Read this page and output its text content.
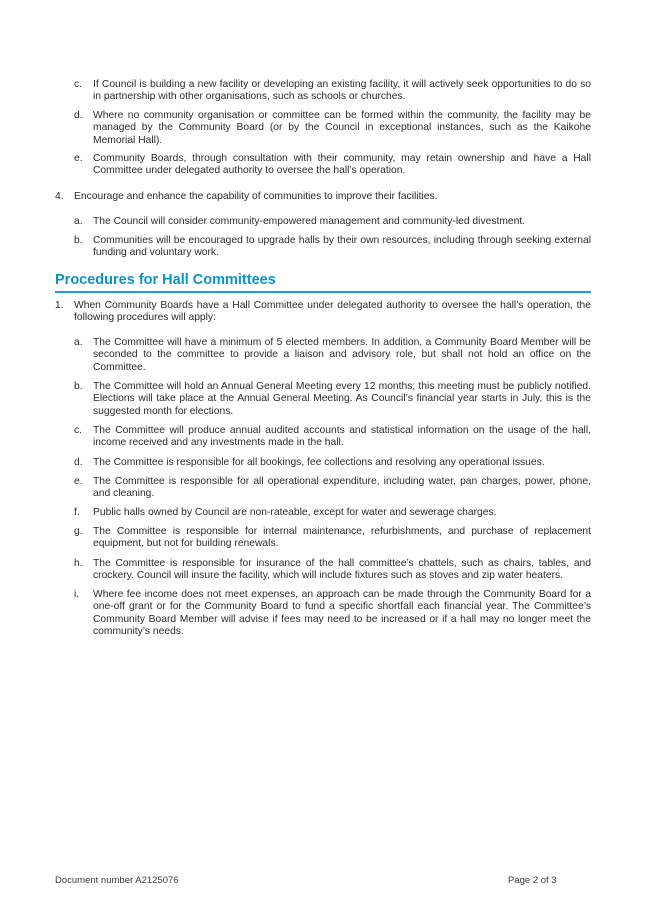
c. If Council is building a new facility or developing an existing facility, it will actively seek opportunities to do so in partnership with other organisations, such as schools or churches.

d. Where no community organisation or committee can be formed within the community, the facility may be managed by the Community Board (or by the Council in exceptional instances, such as the Kaikohe Memorial Hall).

e. Community Boards, through consultation with their community, may retain ownership and have a Hall Committee under delegated authority to oversee the hall’s operation.

4. Encourage and enhance the capability of communities to improve their facilities.

a. The Council will consider community-empowered management and community-led divestment.

b. Communities will be encouraged to upgrade halls by their own resources, including through seeking external funding and voluntary work.

Procedures for Hall Committees
1. When Community Boards have a Hall Committee under delegated authority to oversee the hall’s operation, the following procedures will apply:

a. The Committee will have a minimum of 5 elected members. In addition, a Community Board Member will be seconded to the committee to provide a liaison and advisory role, but shall not hold an office on the Committee.

b. The Committee will hold an Annual General Meeting every 12 months; this meeting must be publicly notified. Elections will take place at the Annual General Meeting. As Council’s financial year starts in July, this is the suggested month for elections.

c. The Committee will produce annual audited accounts and statistical information on the usage of the hall, income received and any investments made in the hall.

d. The Committee is responsible for all bookings, fee collections and resolving any operational issues.

e. The Committee is responsible for all operational expenditure, including water, pan charges, power, phone, and cleaning.

f. Public halls owned by Council are non-rateable, except for water and sewerage charges.

g. The Committee is responsible for internal maintenance, refurbishments, and purchase of replacement equipment, but not for building renewals.

h. The Committee is responsible for insurance of the hall committee’s chattels, such as chairs, tables, and crockery. Council will insure the facility, which will include fixtures such as stoves and zip water heaters.

i. Where fee income does not meet expenses, an approach can be made through the Community Board for a one-off grant or for the Community Board to fund a specific shortfall each financial year. The Committee’s Community Board Member will advise if fees may need to be increased or if a hall may no longer meet the community’s needs.

Document number A2125076	Page 2 of 3
